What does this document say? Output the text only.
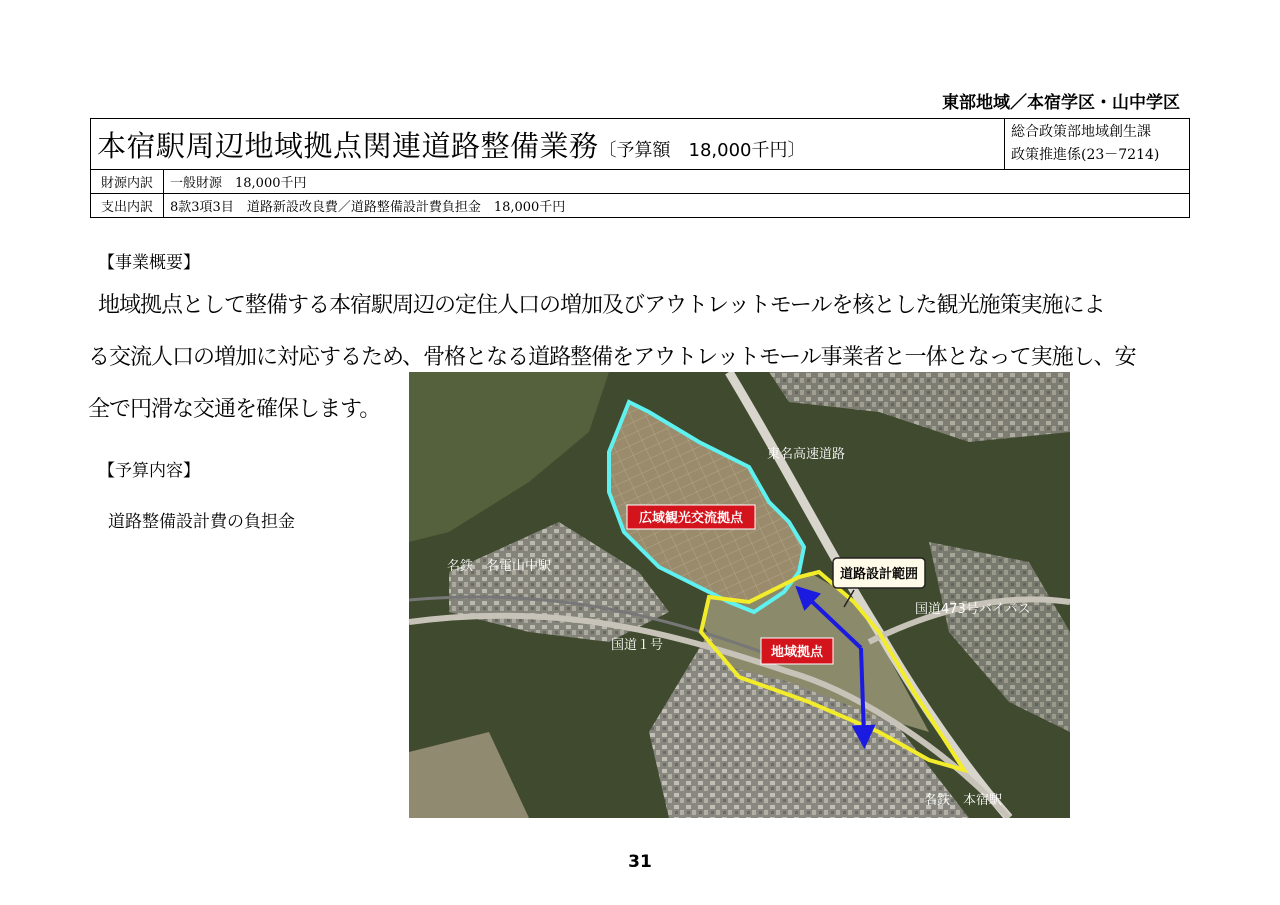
東部地域／本宿学区・山中学区
本宿駅周辺地域拠点関連道路整備業務〔予算額　18,000千円〕		総合政策部地域創生課
政策推進係(23－7214)

財源内訳	一般財源　18,000千円	
支出内訳	8款3項3目　道路新設改良費／道路整備設計費負担金　18,000千円	
【事業概要】
地域拠点として整備する本宿駅周辺の定住人口の増加及びアウトレットモールを核とした観光施策実施によ
る交流人口の増加に対応するため、骨格となる道路整備をアウトレットモール事業者と一体となって実施し、安
全で円滑な交通を確保します。
【予算内容】
道路整備設計費の負担金
道路設計範囲
広域観光交流拠点
地域拠点
東名高速道路
名鉄　名電山中駅
国道473号バイパス
国道１号
名鉄　本宿駅
31
